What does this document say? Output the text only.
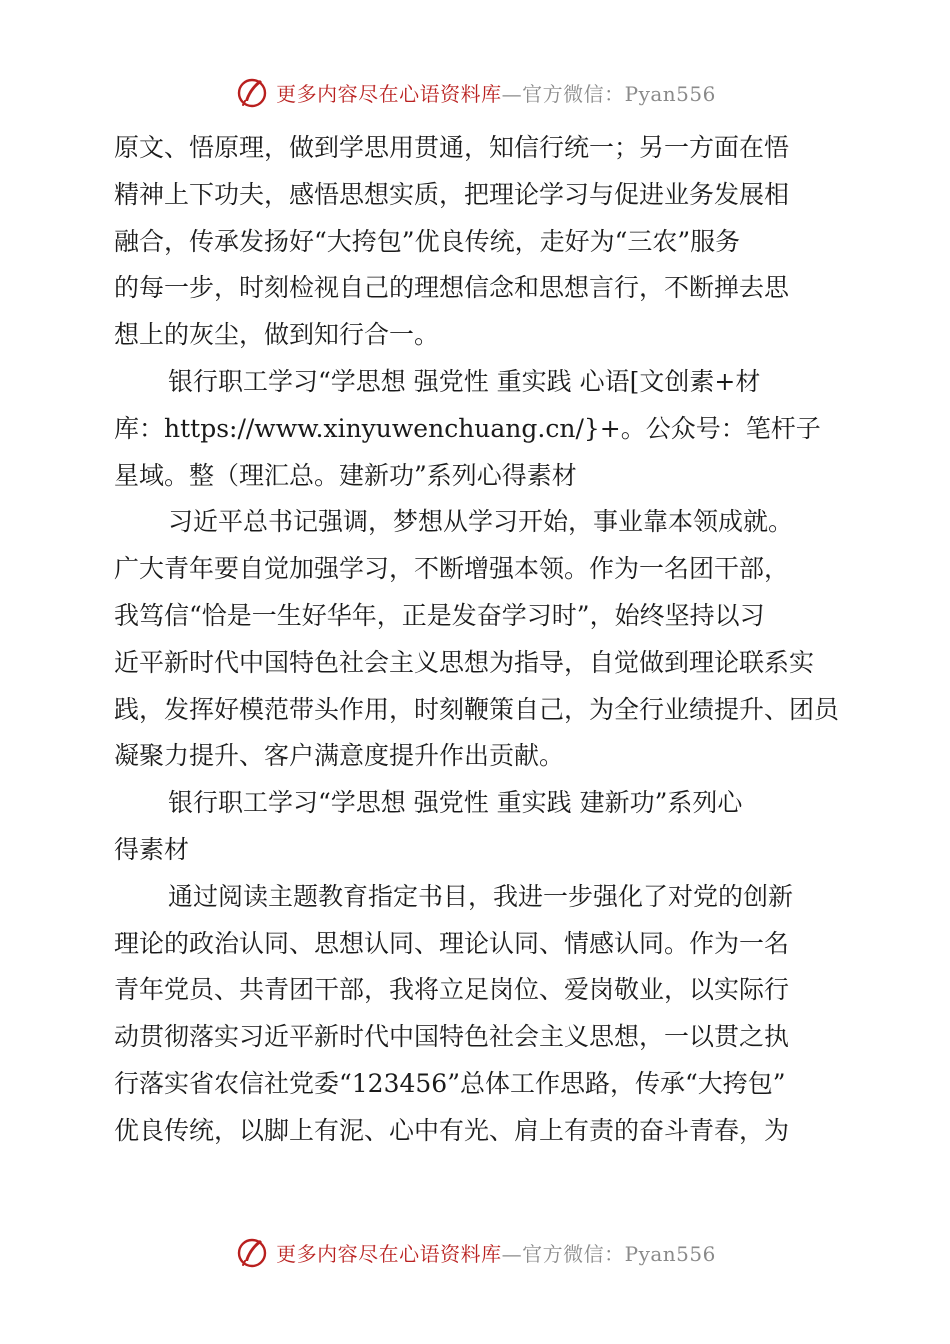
更多内容尽在心语资料库—官方微信：Pyan556
原文、悟原理，做到学思用贯通，知信行统一；另一方面在悟
精神上下功夫，感悟思想实质，把理论学习与促进业务发展相
融合，传承发扬好“大挎包”优良传统，走好为“三农”服务
的每一步，时刻检视自己的理想信念和思想言行，不断掸去思
想上的灰尘，做到知行合一。
银行职工学习“学思想 强党性 重实践 心语[文创素+材
库：https://www.xinyuwenchuang.cn/}+。公众号：笔杆子
星域。整（理汇总。建新功”系列心得素材
习近平总书记强调，梦想从学习开始，事业靠本领成就。
广大青年要自觉加强学习，不断增强本领。作为一名团干部，
我笃信“恰是一生好华年，正是发奋学习时”，始终坚持以习
近平新时代中国特色社会主义思想为指导，自觉做到理论联系实
践，发挥好模范带头作用，时刻鞭策自己，为全行业绩提升、团员
凝聚力提升、客户满意度提升作出贡献。
银行职工学习“学思想 强党性 重实践 建新功”系列心
得素材
通过阅读主题教育指定书目，我进一步强化了对党的创新
理论的政治认同、思想认同、理论认同、情感认同。作为一名
青年党员、共青团干部，我将立足岗位、爱岗敬业，以实际行
动贯彻落实习近平新时代中国特色社会主义思想，一以贯之执
行落实省农信社党委“123456”总体工作思路，传承“大挎包”
优良传统，以脚上有泥、心中有光、肩上有责的奋斗青春，为
更多内容尽在心语资料库—官方微信：Pyan556
